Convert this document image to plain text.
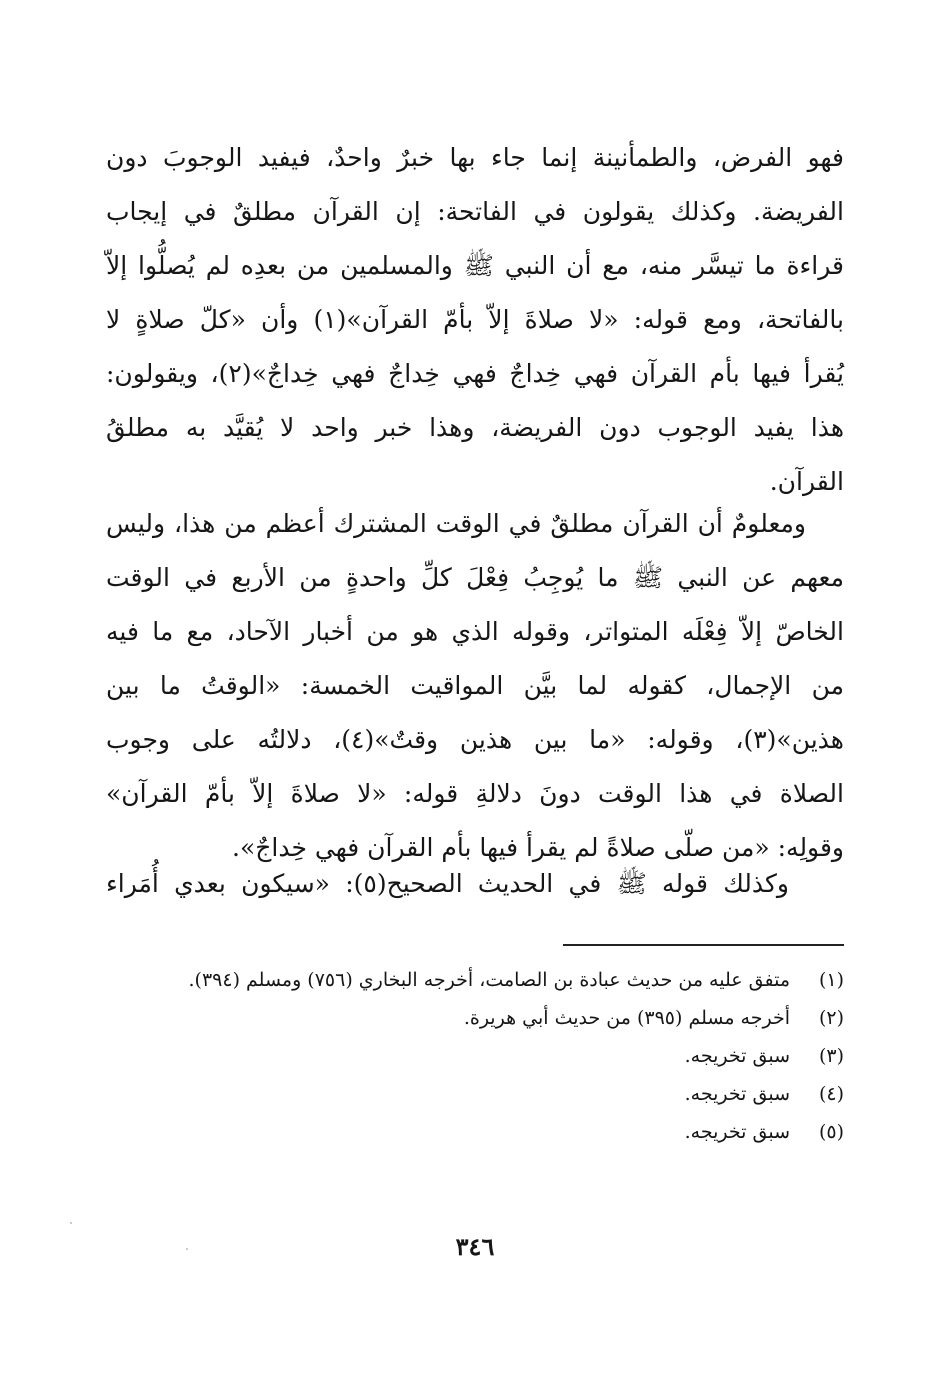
فهو الفرض، والطمأنينة إنما جاء بها خبرٌ واحدٌ، فيفيد الوجوبَ دون
الفريضة. وكذلك يقولون في الفاتحة: إن القرآن مطلقٌ في إيجاب
قراءة ما تيسَّر منه، مع أن النبي ﷺ والمسلمين من بعدِه لم يُصلُّوا إلاّ
بالفاتحة، ومع قوله: «لا صلاةَ إلاّ بأمّ القرآن»(١) وأن «كلّ صلاةٍ لا
يُقرأ فيها بأم القرآن فهي خِداجٌ فهي خِداجٌ فهي خِداجٌ»(٢)، ويقولون:
هذا يفيد الوجوب دون الفريضة، وهذا خبر واحد لا يُقيَّد به مطلقُ
القرآن.
ومعلومٌ أن القرآن مطلقٌ في الوقت المشترك أعظم من هذا، وليس
معهم عن النبي ﷺ ما يُوجِبُ فِعْلَ كلِّ واحدةٍ من الأربع في الوقت
الخاصّ إلاّ فِعْلَه المتواتر، وقوله الذي هو من أخبار الآحاد، مع ما فيه
من الإجمال، كقوله لما بيَّن المواقيت الخمسة: «الوقتُ ما بين
هذين»(٣)، وقوله: «ما بين هذين وقتٌ»(٤)، دلالتُه على وجوب
الصلاة في هذا الوقت دونَ دلالةِ قوله: «لا صلاةَ إلاّ بأمّ القرآن»
وقولِه: «من صلّى صلاةً لم يقرأ فيها بأم القرآن فهي خِداجٌ».
وكذلك قوله ﷺ في الحديث الصحيح(٥): «سيكون بعدي أُمَراء
(١)
متفق عليه من حديث عبادة بن الصامت، أخرجه البخاري (٧٥٦) ومسلم (٣٩٤).
(٢)
أخرجه مسلم (٣٩٥) من حديث أبي هريرة.
(٣)
سبق تخريجه.
(٤)
سبق تخريجه.
(٥)
سبق تخريجه.
٣٤٦
